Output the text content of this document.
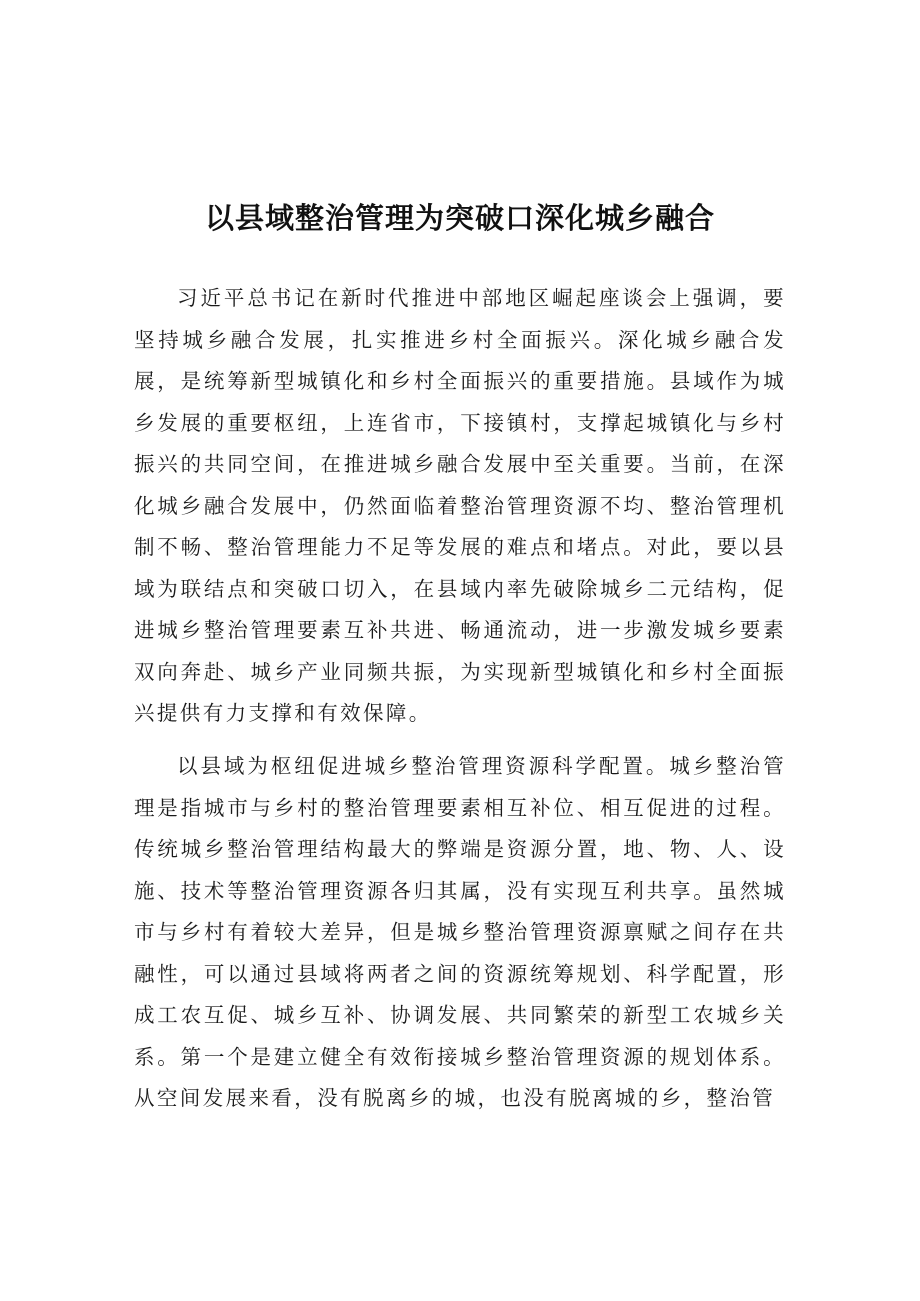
以县域整治管理为突破口深化城乡融合

习近平总书记在新时代推进中部地区崛起座谈会上强调，要坚持城乡融合发展，扎实推进乡村全面振兴。深化城乡融合发展，是统筹新型城镇化和乡村全面振兴的重要措施。县域作为城乡发展的重要枢纽，上连省市，下接镇村，支撑起城镇化与乡村振兴的共同空间，在推进城乡融合发展中至关重要。当前，在深化城乡融合发展中，仍然面临着整治管理资源不均、整治管理机制不畅、整治管理能力不足等发展的难点和堵点。对此，要以县域为联结点和突破口切入，在县域内率先破除城乡二元结构，促进城乡整治管理要素互补共进、畅通流动，进一步激发城乡要素双向奔赴、城乡产业同频共振，为实现新型城镇化和乡村全面振兴提供有力支撑和有效保障。

以县域为枢纽促进城乡整治管理资源科学配置。城乡整治管理是指城市与乡村的整治管理要素相互补位、相互促进的过程。传统城乡整治管理结构最大的弊端是资源分置，地、物、人、设施、技术等整治管理资源各归其属，没有实现互利共享。虽然城市与乡村有着较大差异，但是城乡整治管理资源禀赋之间存在共融性，可以通过县域将两者之间的资源统筹规划、科学配置，形成工农互促、城乡互补、协调发展、共同繁荣的新型工农城乡关系。第一个是建立健全有效衔接城乡整治管理资源的规划体系。从空间发展来看，没有脱离乡的城，也没有脱离城的乡，整治管
